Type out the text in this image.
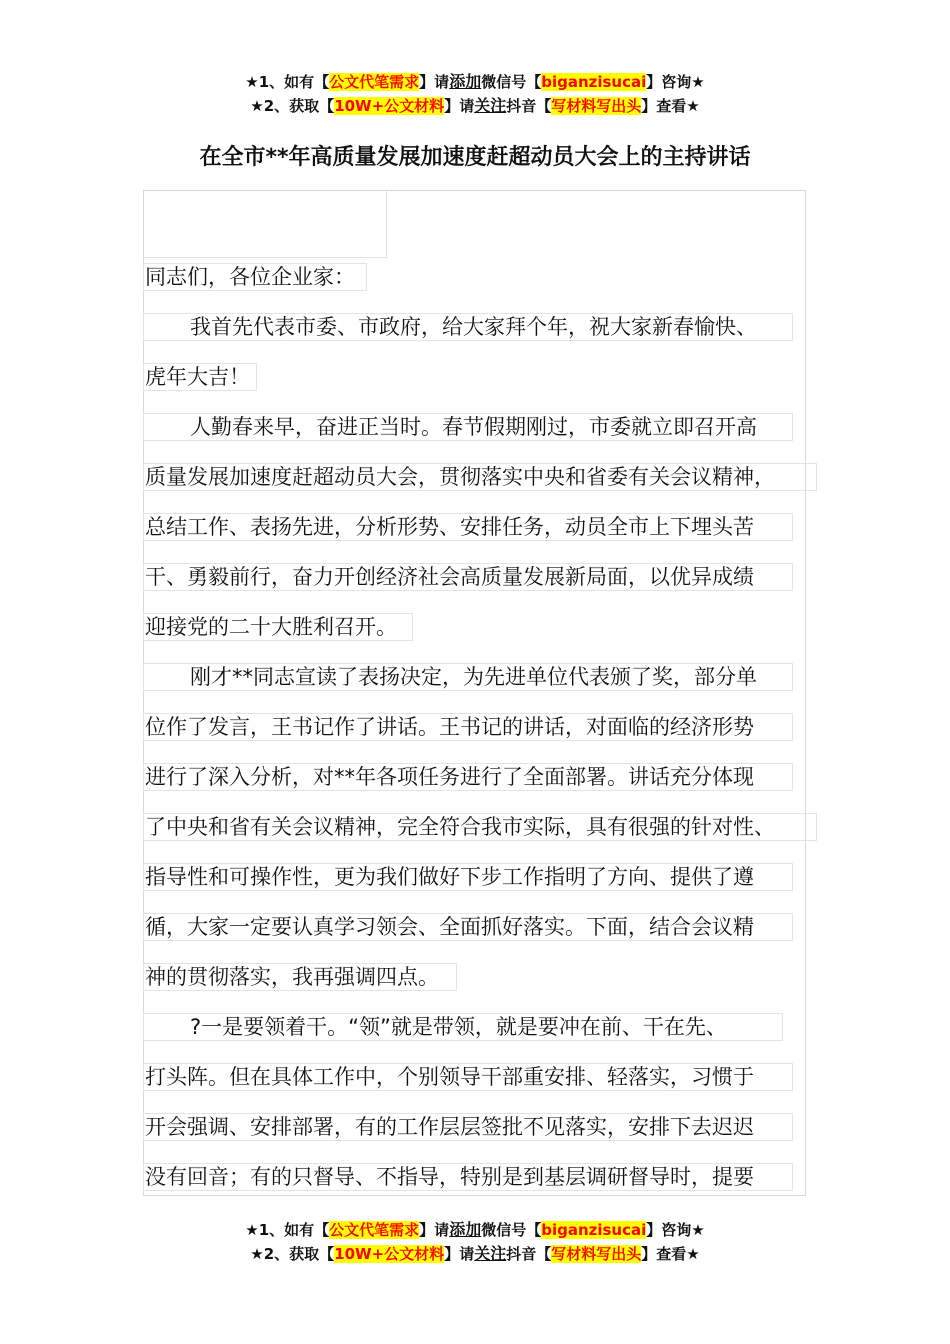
★1、如有【公文代笔需求】请添加微信号【biganzisucai】咨询★
★2、获取【10W+公文材料】请关注抖音【写材料写出头】查看★
在全市**年高质量发展加速度赶超动员大会上的主持讲话
同志们，各位企业家：
我首先代表市委、市政府，给大家拜个年，祝大家新春愉快、
虎年大吉！
人勤春来早，奋进正当时。春节假期刚过，市委就立即召开高
质量发展加速度赶超动员大会，贯彻落实中央和省委有关会议精神，
总结工作、表扬先进，分析形势、安排任务，动员全市上下埋头苦
干、勇毅前行，奋力开创经济社会高质量发展新局面，以优异成绩
迎接党的二十大胜利召开。
刚才**同志宣读了表扬决定，为先进单位代表颁了奖，部分单
位作了发言，王书记作了讲话。王书记的讲话，对面临的经济形势
进行了深入分析，对**年各项任务进行了全面部署。讲话充分体现
了中央和省有关会议精神，完全符合我市实际，具有很强的针对性、
指导性和可操作性，更为我们做好下步工作指明了方向、提供了遵
循，大家一定要认真学习领会、全面抓好落实。下面，结合会议精
神的贯彻落实，我再强调四点。
?一是要领着干。“领”就是带领，就是要冲在前、干在先、
打头阵。但在具体工作中，个别领导干部重安排、轻落实，习惯于
开会强调、安排部署，有的工作层层签批不见落实，安排下去迟迟
没有回音；有的只督导、不指导，特别是到基层调研督导时，提要
★1、如有【公文代笔需求】请添加微信号【biganzisucai】咨询★
★2、获取【10W+公文材料】请关注抖音【写材料写出头】查看★
